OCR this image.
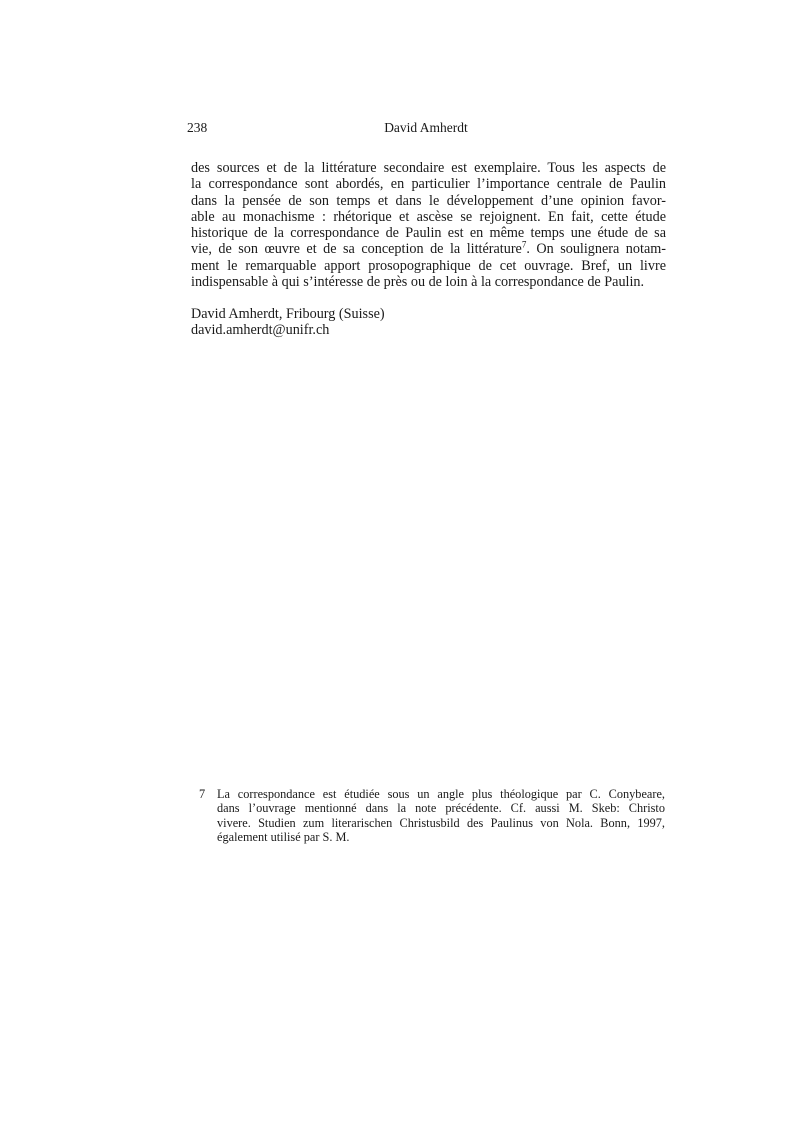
238	David Amherdt
des sources et de la littérature secondaire est exemplaire. Tous les aspects de
la correspondance sont abordés, en particulier l’importance centrale de Paulin
dans la pensée de son temps et dans le développement d’une opinion favor-
able au monachisme : rhétorique et ascèse se rejoignent. En fait, cette étude
historique de la correspondance de Paulin est en même temps une étude de sa
vie, de son œuvre et de sa conception de la littérature$^7$. On soulignera notam-
ment le remarquable apport prosopographique de cet ouvrage. Bref, un livre
indispensable à qui s’intéresse de près ou de loin à la correspondance de Paulin.
David Amherdt, Fribourg (Suisse)
david.amherdt@unifr.ch
7 La correspondance est étudiée sous un angle plus théologique par C. Conybeare,
dans l’ouvrage mentionné dans la note précédente. Cf. aussi M. Skeb: Christo
vivere. Studien zum literarischen Christusbild des Paulinus von Nola. Bonn, 1997,
également utilisé par S. M.
